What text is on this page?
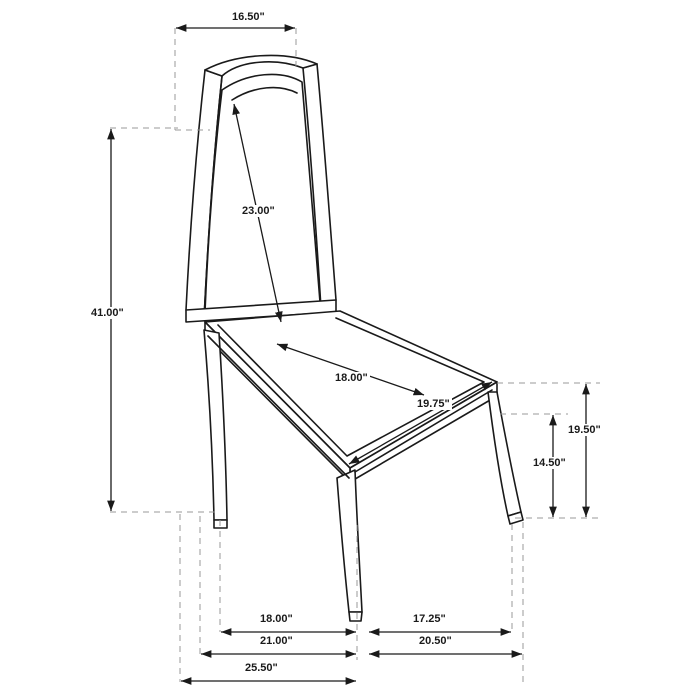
16.50"
23.00"
41.00"
18.00"
19.75"
19.50"
14.50"
18.00"	17.25"
21.00"	20.50"
25.50"
